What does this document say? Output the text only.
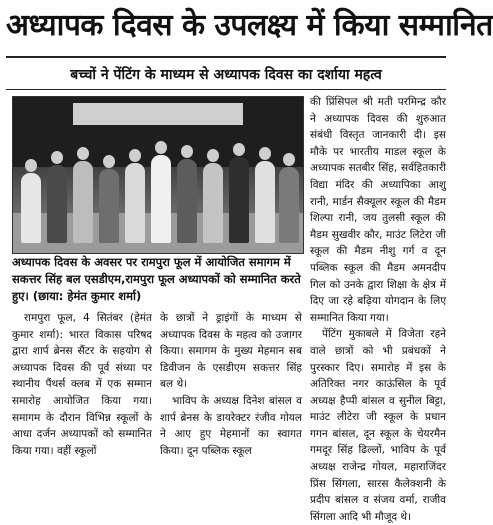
अध्यापक दिवस के उपलक्ष्य में किया सम्मानित
बच्चों ने पेंटिंग के माध्यम से अध्यापक दिवस का दर्शाया महत्व
अध्यापक दिवस के अवसर पर रामपुरा फूल में आयोजित समागम में सकत्तर सिंह बल एसडीएम,रामपुरा फूल अध्यापकों को सम्मानित करते हुए। (छाया: हेमंत कुमार शर्मा)

रामपुरा फूल, 4 सितंबर (हेमंत कुमार शर्मा): भारत विकास परिषद द्वारा शार्प ब्रेनस सैंटर के सहयोग से अध्यापक दिवस की पूर्व संध्या पर स्थानीय पैंथर्स क्लब में एक सम्मान समारोह आयोजित किया गया। समागम के दौरान विभिन्न स्कूलों के आधा दर्जन अध्यापकों को सम्मानित किया गया। वहीं स्कूलों

के छात्रों ने ड्राइंगों के माध्यम से अध्यापक दिवस के महत्व को उजागर किया। समागम के मुख्य मेहमान सब डिवीजन के एसडीएम सकत्तर सिंह बल थे।

भाविप के अध्यक्ष दिनेश बांसल व शार्प ब्रेनस के डायरेक्टर रंजीव गोयल ने आए हुए मेहमानों का स्वागत किया। दून पब्लिक स्कूल

की प्रिंसिपल श्री मती परमिन्द्र कौर ने अध्यापक दिवस की शुरुआत संबंधी विस्तृत जानकारी दी। इस मौके पर भारतीय माडल स्कूल के अध्यापक सतबीर सिंह, सर्वहितकारी विद्या मंदिर की अध्यापिका आशु रानी, मार्डन सैक्यूलर स्कूल की मैडम शिल्पा रानी, जय तुलसी स्कूल की मैडम सुखवीर कौर, माउंट लिटेरा जी स्कूल की मैडम नीशु गर्ग व दून पब्लिक स्कूल की मैडम अमनदीप गिल को उनके द्वारा शिक्षा के क्षेत्र में दिए जा रहे बढ़िया योगदान के लिए सम्मानित किया गया।

पेंटिंग मुकाबले में विजेता रहने वाले छात्रों को भी प्रबंधकों ने पुरस्कार दिए। समारोह में इस के अतिरिक्त नगर काऊंसिल के पूर्व अध्यक्ष हैप्पी बांसल व सुनील बिट्टा, माउंट लीटेरा जी स्कूल के प्रधान गगन बांसल, दून स्कूल के चेयरमैन गमदूर सिंह ढिल्लों, भाविप के पूर्व अध्यक्ष राजेन्द्र गोयल, महाराजिंदर प्रिंस सिंगला, सारस कैलेक्शनी के प्रदीप बांसल व संजय वर्मा, राजीव सिंगला आदि भी मौजूद थे।
